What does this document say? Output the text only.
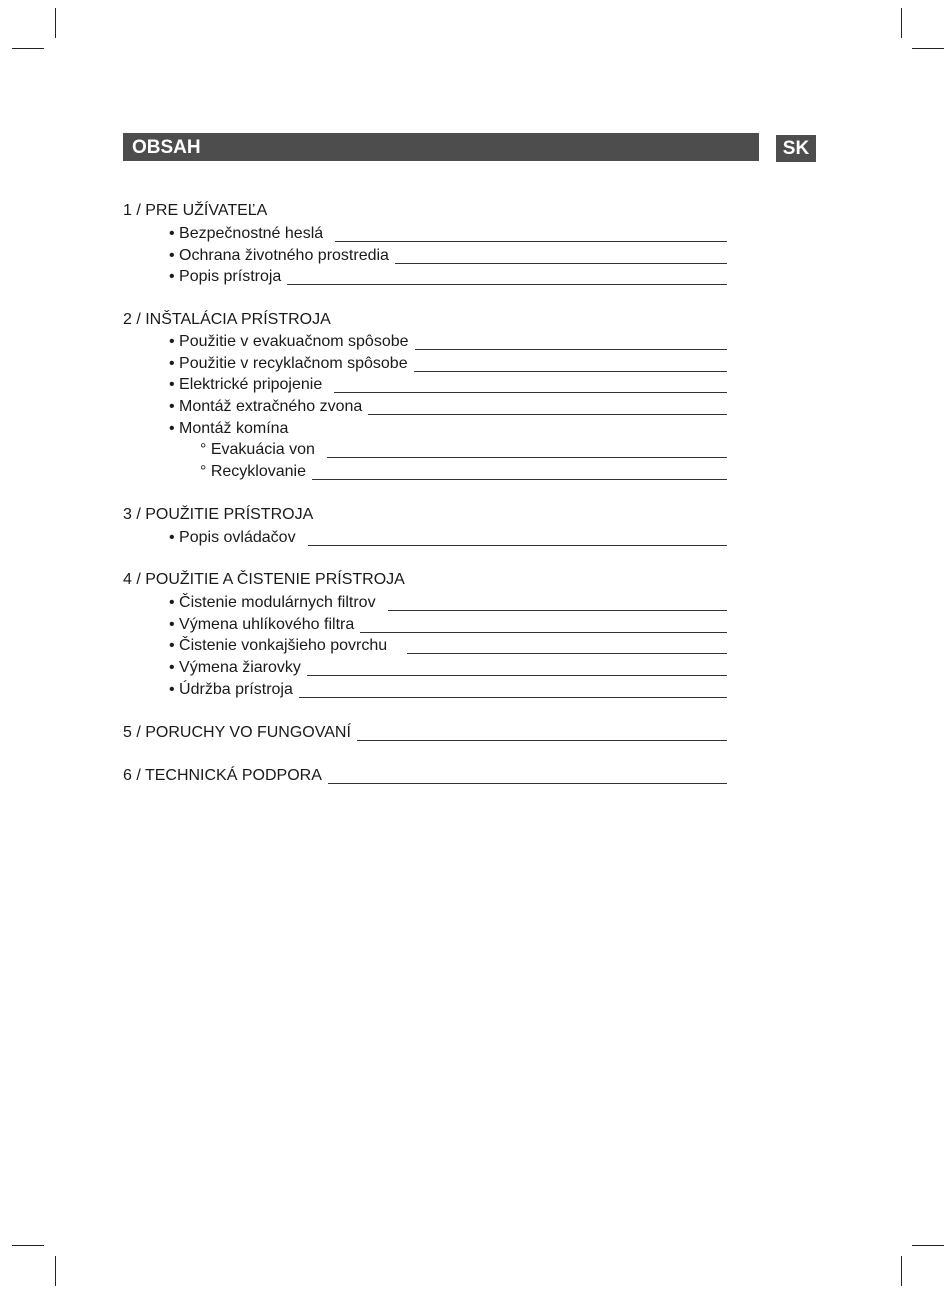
OBSAH	SK
1 / PRE UŽÍVATEĽA
• Bezpečnostné heslá
• Ochrana životného prostredia
• Popis prístroja
2 / INŠTALÁCIA PRÍSTROJA
• Použitie v evakuačnom spôsobe
• Použitie v recyklačnom spôsobe
• Elektrické pripojenie
• Montáž extračného zvona
• Montáž komína
° Evakuácia von
° Recyklovanie
3 / POUŽITIE PRÍSTROJA
• Popis ovládačov
4 / POUŽITIE A ČISTENIE PRÍSTROJA
• Čistenie modulárnych filtrov
• Výmena uhlíkového filtra
• Čistenie vonkajšieho povrchu
• Výmena žiarovky
• Údržba prístroja
5 / PORUCHY VO FUNGOVANÍ
6 / TECHNICKÁ PODPORA
